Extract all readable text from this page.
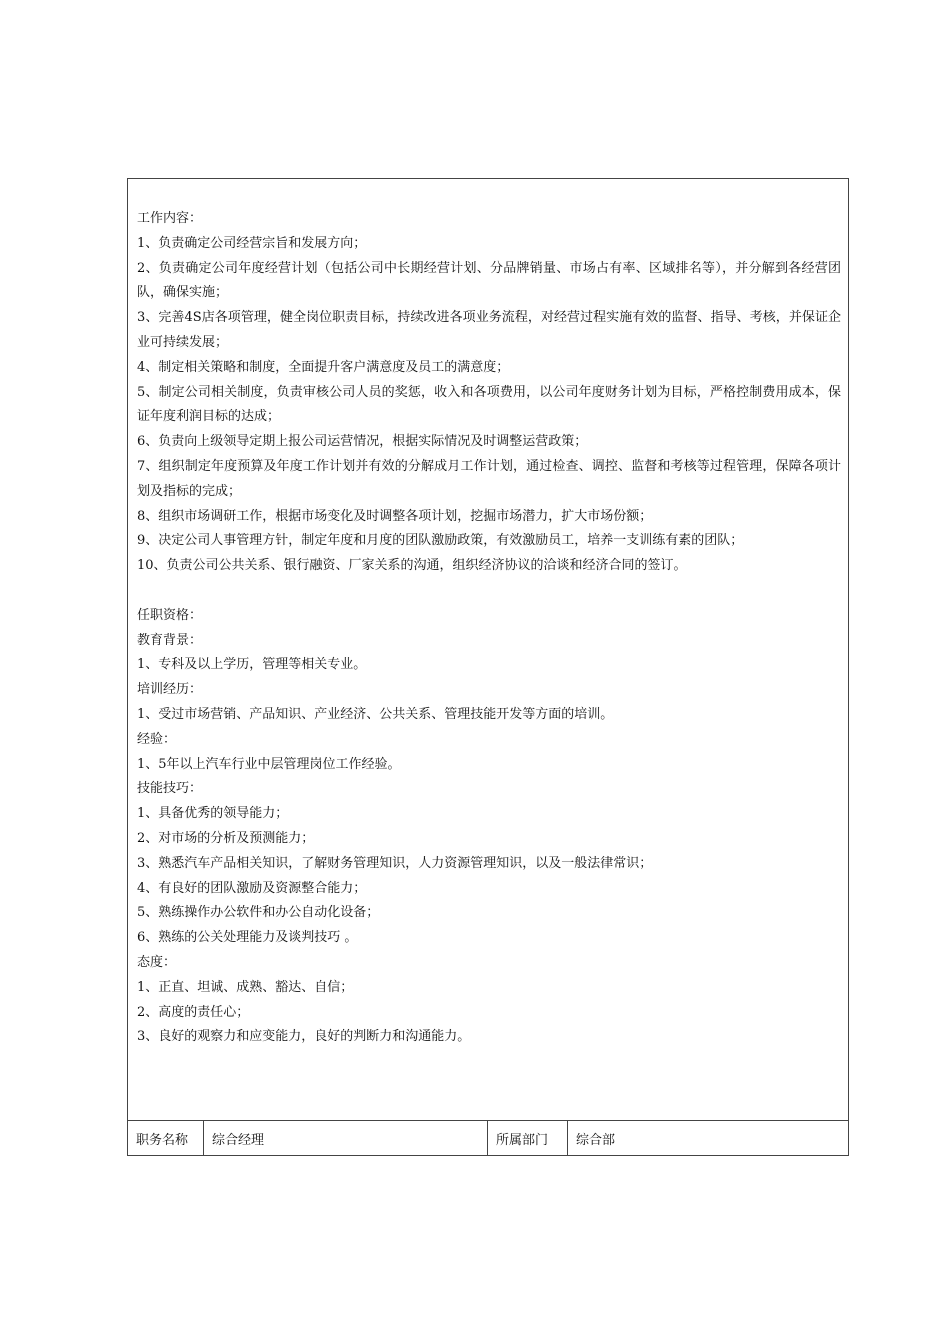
工作内容：
1、负责确定公司经营宗旨和发展方向；
2、负责确定公司年度经营计划（包括公司中长期经营计划、分品牌销量、市场占有率、区域排名等），并分解到各经营团队，确保实施；
3、完善4S店各项管理，健全岗位职责目标，持续改进各项业务流程，对经营过程实施有效的监督、指导、考核，并保证企业可持续发展；
4、制定相关策略和制度，全面提升客户满意度及员工的满意度；
5、制定公司相关制度，负责审核公司人员的奖惩，收入和各项费用，以公司年度财务计划为目标，严格控制费用成本，保证年度利润目标的达成；
6、负责向上级领导定期上报公司运营情况，根据实际情况及时调整运营政策；
7、组织制定年度预算及年度工作计划并有效的分解成月工作计划，通过检查、调控、监督和考核等过程管理，保障各项计划及指标的完成；
8、组织市场调研工作，根据市场变化及时调整各项计划，挖掘市场潜力，扩大市场份额；
9、决定公司人事管理方针，制定年度和月度的团队激励政策，有效激励员工，培养一支训练有素的团队；
10、负责公司公共关系、银行融资、厂家关系的沟通，组织经济协议的洽谈和经济合同的签订。
任职资格：
教育背景：
1、专科及以上学历，管理等相关专业。
培训经历：
1、受过市场营销、产品知识、产业经济、公共关系、管理技能开发等方面的培训。
经验：
1、5年以上汽车行业中层管理岗位工作经验。
技能技巧：
1、具备优秀的领导能力；
2、对市场的分析及预测能力；
3、熟悉汽车产品相关知识，了解财务管理知识，人力资源管理知识，以及一般法律常识；
4、有良好的团队激励及资源整合能力；
5、熟练操作办公软件和办公自动化设备；
6、熟练的公关处理能力及谈判技巧 。
态度：
1、正直、坦诚、成熟、豁达、自信；
2、高度的责任心；
3、良好的观察力和应变能力，良好的判断力和沟通能力。
职务名称	综合经理	所属部门	综合部
